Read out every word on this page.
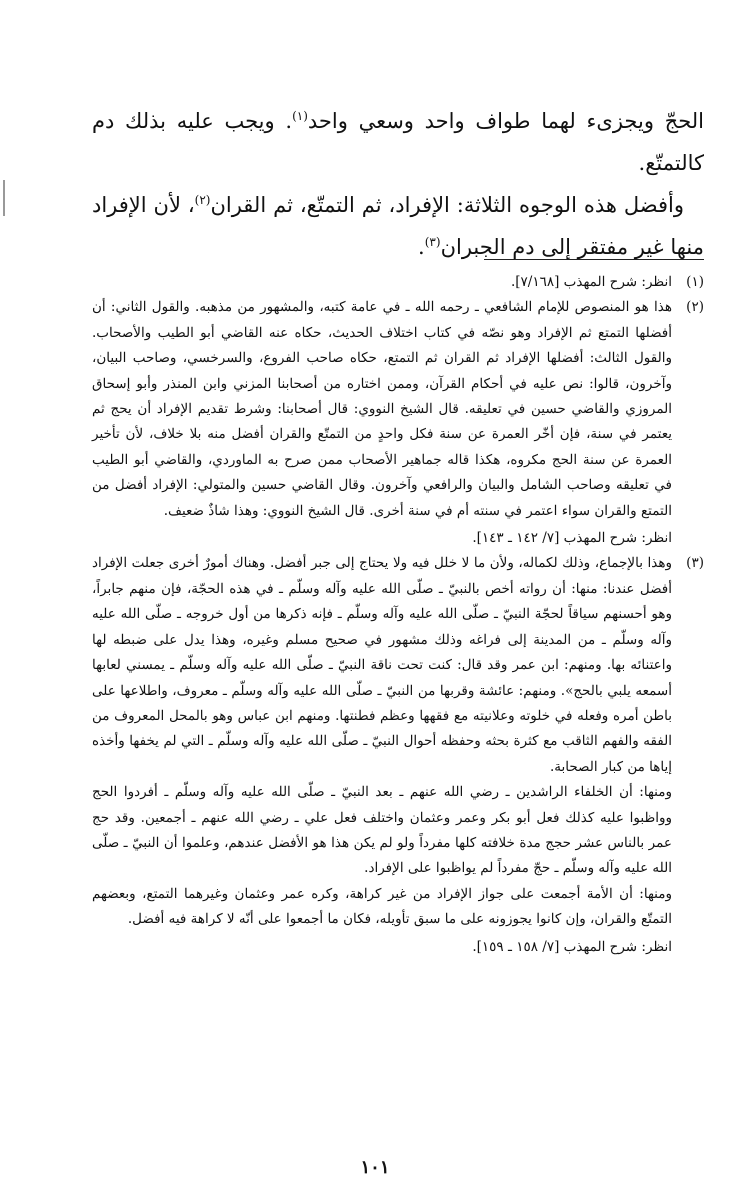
الحجّ ويجزىء لهما طواف واحد وسعي واحد$^{(١)}$. ويجب عليه بذلك دم كالتمتّع.

وأفضل هذه الوجوه الثلاثة: الإفراد، ثم التمتّع، ثم القران$^{(٢)}$، لأن الإفراد منها غير مفتقر إلى دم الجبران$^{(٣)}$.

(١)

انظر: شرح المهذب [٧/١٦٨].

(٢)

هذا هو المنصوص للإمام الشافعي ـ رحمه الله ـ في عامة كتبه، والمشهور من مذهبه. والقول الثاني: أن أفضلها التمتع ثم الإفراد وهو نصّه في كتاب اختلاف الحديث، حكاه عنه القاضي أبو الطيب والأصحاب. والقول الثالث: أفضلها الإفراد ثم القران ثم التمتع، حكاه صاحب الفروع، والسرخسي، وصاحب البيان، وآخرون، قالوا: نص عليه في أحكام القرآن، وممن اختاره من أصحابنا المزني وابن المنذر وأبو إسحاق المروزي والقاضي حسين في تعليقه. قال الشيخ النووي: قال أصحابنا: وشرط تقديم الإفراد أن يحج ثم يعتمر في سنة، فإن أخّر العمرة عن سنة فكل واحدٍ من التمتّع والقران أفضل منه بلا خلاف، لأن تأخير العمرة عن سنة الحج مكروه، هكذا قاله جماهير الأصحاب ممن صرح به الماوردي، والقاضي أبو الطيب في تعليقه وصاحب الشامل والبيان والرافعي وآخرون. وقال القاضي حسين والمتولي: الإفراد أفضل من التمتع والقران سواء اعتمر في سنته أم في سنة أخرى. قال الشيخ النووي: وهذا شاذٌ ضعيف.

انظر: شرح المهذب [٧/ ١٤٢ ـ ١٤٣].

(٣)

وهذا بالإجماع، وذلك لكماله، ولأن ما لا خلل فيه ولا يحتاج إلى جبر أفضل. وهناك أمورٌ أخرى جعلت الإفراد أفضل عندنا: منها: أن رواته أخص بالنبيّ ـ صلّى الله عليه وآله وسلّم ـ في هذه الحجّة، فإن منهم جابراً، وهو أحسنهم سياقاً لحجّة النبيّ ـ صلّى الله عليه وآله وسلّم ـ فإنه ذكرها من أول خروجه ـ صلّى الله عليه وآله وسلّم ـ من المدينة إلى فراغه وذلك مشهور في صحيح مسلم وغيره، وهذا يدل على ضبطه لها واعتنائه بها. ومنهم: ابن عمر وقد قال: كنت تحت ناقة النبيّ ـ صلّى الله عليه وآله وسلّم ـ يمسني لعابها أسمعه يلبي بالحج». ومنهم: عائشة وقربها من النبيّ ـ صلّى الله عليه وآله وسلّم ـ معروف، واطلاعها على باطن أمره وفعله في خلوته وعلانيته مع فقهها وعظم فطنتها. ومنهم ابن عباس وهو بالمحل المعروف من الفقه والفهم الثاقب مع كثرة بحثه وحفظه أحوال النبيّ ـ صلّى الله عليه وآله وسلّم ـ التي لم يخفها وأخذه إياها من كبار الصحابة.

ومنها: أن الخلفاء الراشدين ـ رضي الله عنهم ـ بعد النبيّ ـ صلّى الله عليه وآله وسلّم ـ أفردوا الحج وواظبوا عليه كذلك فعل أبو بكر وعمر وعثمان واختلف فعل علي ـ رضي الله عنهم ـ أجمعين. وقد حج عمر بالناس عشر حجج مدة خلافته كلها مفرداً ولو لم يكن هذا هو الأفضل عندهم، وعلموا أن النبيّ ـ صلّى الله عليه وآله وسلّم ـ حجّ مفرداً لم يواظبوا على الإفراد.

ومنها: أن الأمة أجمعت على جواز الإفراد من غير كراهة، وكره عمر وعثمان وغيرهما التمتع، وبعضهم التمتّع والقران، وإن كانوا يجوزونه على ما سبق تأويله، فكان ما أجمعوا على أنّه لا كراهة فيه أفضل.

انظر: شرح المهذب [٧/ ١٥٨ ـ ١٥٩].

١٠١
